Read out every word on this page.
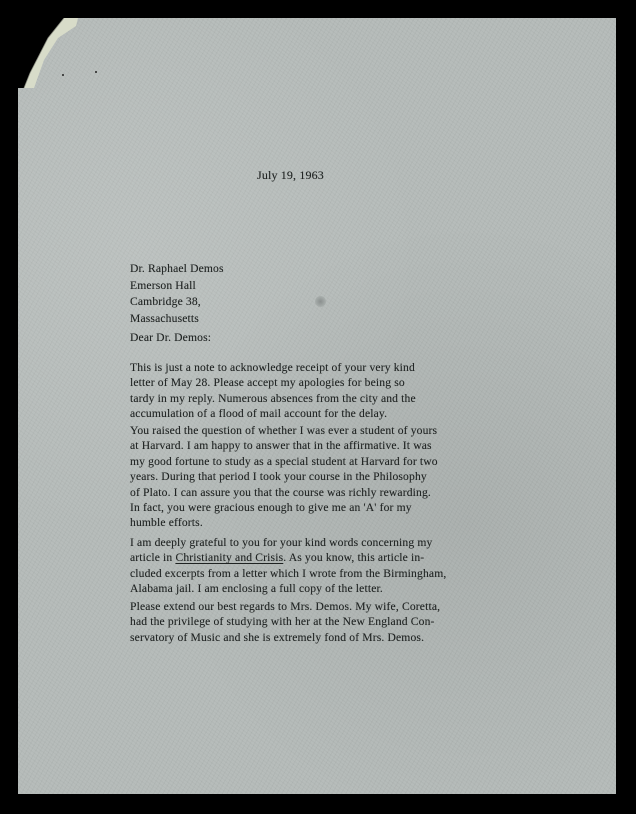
July 19, 1963
Dr. Raphael Demos
Emerson Hall
Cambridge 38,
Massachusetts
Dear Dr. Demos:
This is just a note to acknowledge receipt of your very kind
letter of May 28. Please accept my apologies for being so
tardy in my reply. Numerous absences from the city and the
accumulation of a flood of mail account for the delay.
You raised the question of whether I was ever a student of yours
at Harvard. I am happy to answer that in the affirmative. It was
my good fortune to study as a special student at Harvard for two
years. During that period I took your course in the Philosophy
of Plato. I can assure you that the course was richly rewarding.
In fact, you were gracious enough to give me an 'A' for my
humble efforts.
I am deeply grateful to you for your kind words concerning my
article in Christianity and Crisis. As you know, this article in-
cluded excerpts from a letter which I wrote from the Birmingham,
Alabama jail. I am enclosing a full copy of the letter.
Please extend our best regards to Mrs. Demos. My wife, Coretta,
had the privilege of studying with her at the New England Con-
servatory of Music and she is extremely fond of Mrs. Demos.
